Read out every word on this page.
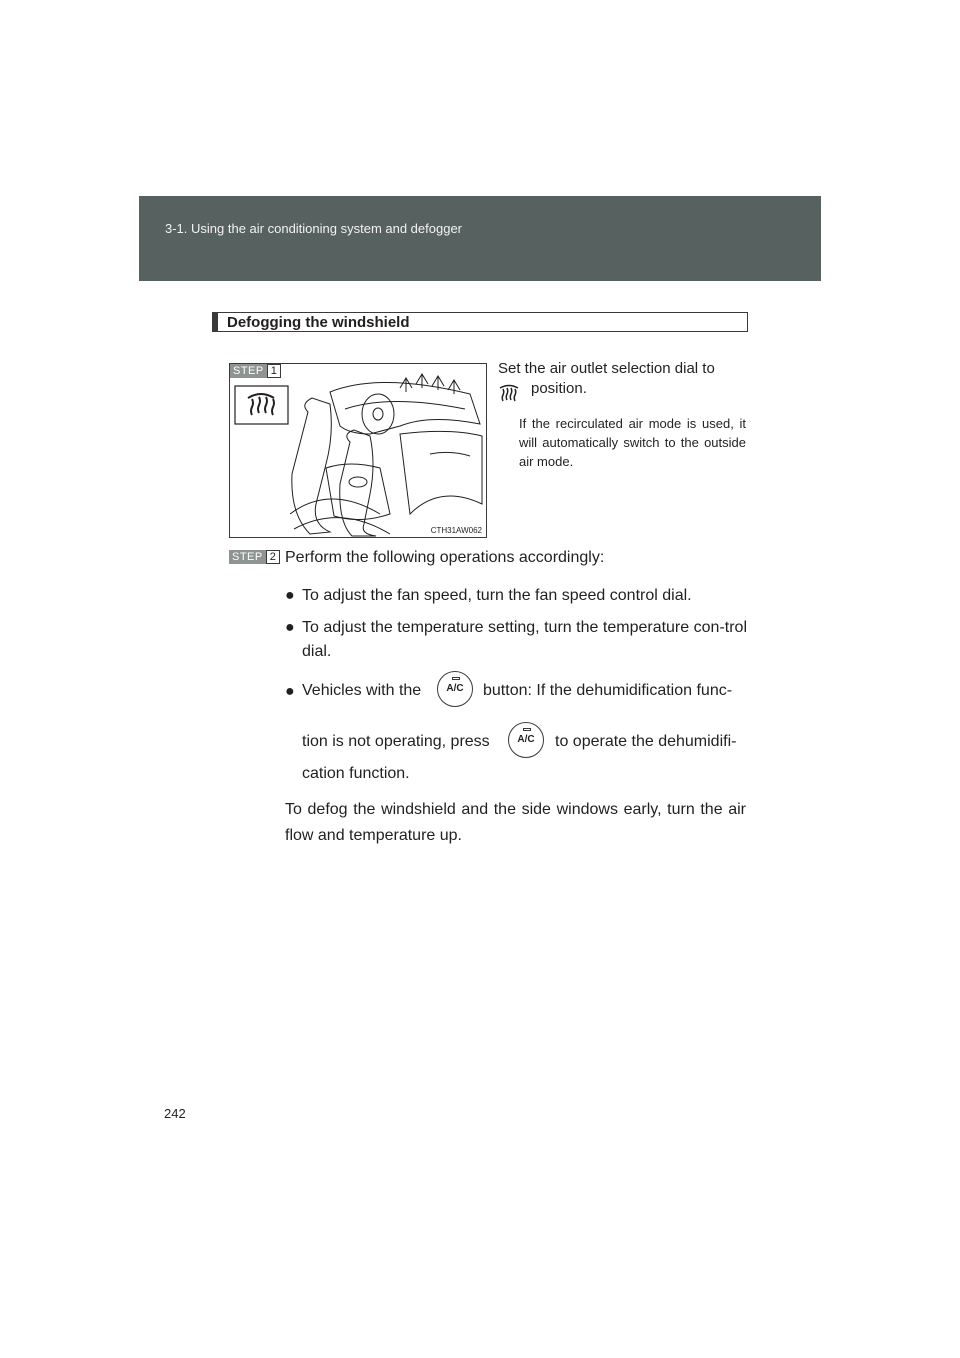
3-1. Using the air conditioning system and defogger
Defogging the windshield
STEP 1
CTH31AW062
Set the air outlet selection dial to
position.
If the recirculated air mode is used, it will automatically switch to the outside air mode.
STEP 2 Perform the following operations accordingly:
● To adjust the fan speed, turn the fan speed control dial.
● To adjust the temperature setting, turn the temperature con-trol dial.
● Vehicles with the	A/C	button: If the dehumidification func-
tion is not operating, press	A/C	to operate the dehumidifi-
cation function.
To defog the windshield and the side windows early, turn the air flow and temperature up.
242
